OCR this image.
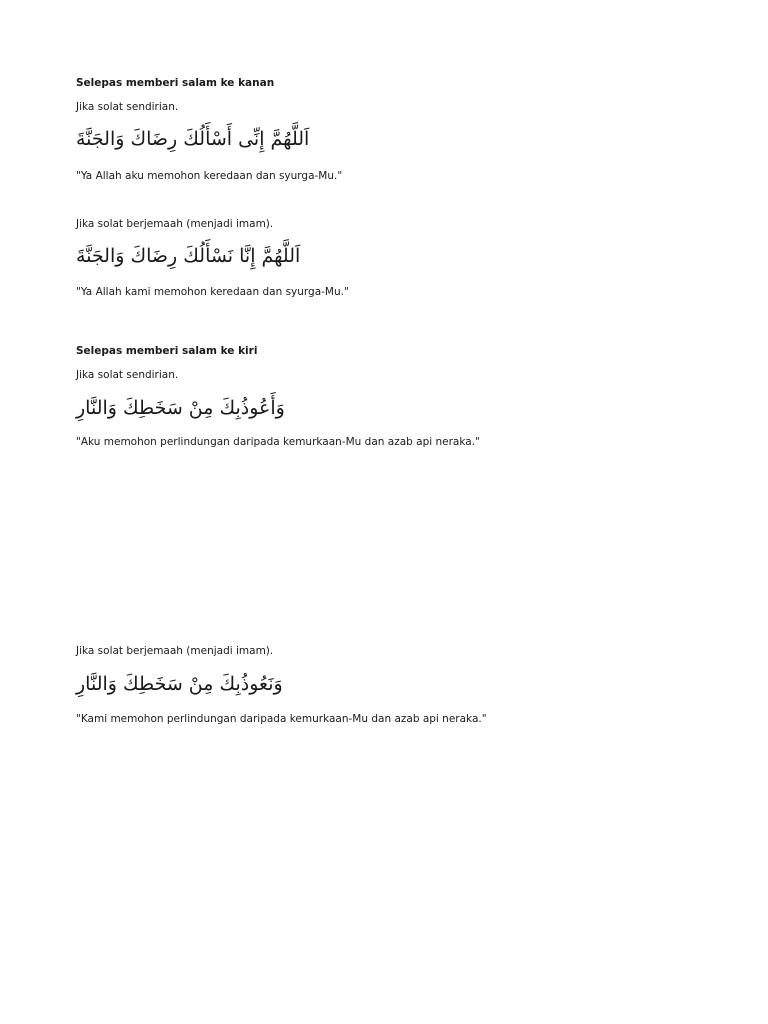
Selepas memberi salam ke kanan
Jika solat sendirian.
اَللَّهُمَّ إِنِّى أَسْأَلُكَ رِضَاكَ وَالجَنَّةَ
"Ya Allah aku memohon keredaan dan syurga-Mu."
Jika solat berjemaah (menjadi imam).
اَللَّهُمَّ إِنَّا نَسْأَلُكَ رِضَاكَ وَالجَنَّةَ
"Ya Allah kami memohon keredaan dan syurga-Mu."
Selepas memberi salam ke kiri
Jika solat sendirian.
وَأَعُوذُبِكَ مِنْ سَخَطِكَ وَالنَّارِ
"Aku memohon perlindungan daripada kemurkaan-Mu dan azab api neraka."
Jika solat berjemaah (menjadi imam).
وَنَعُوذُبِكَ مِنْ سَخَطِكَ وَالنَّارِ
"Kami memohon perlindungan daripada kemurkaan-Mu dan azab api neraka."
